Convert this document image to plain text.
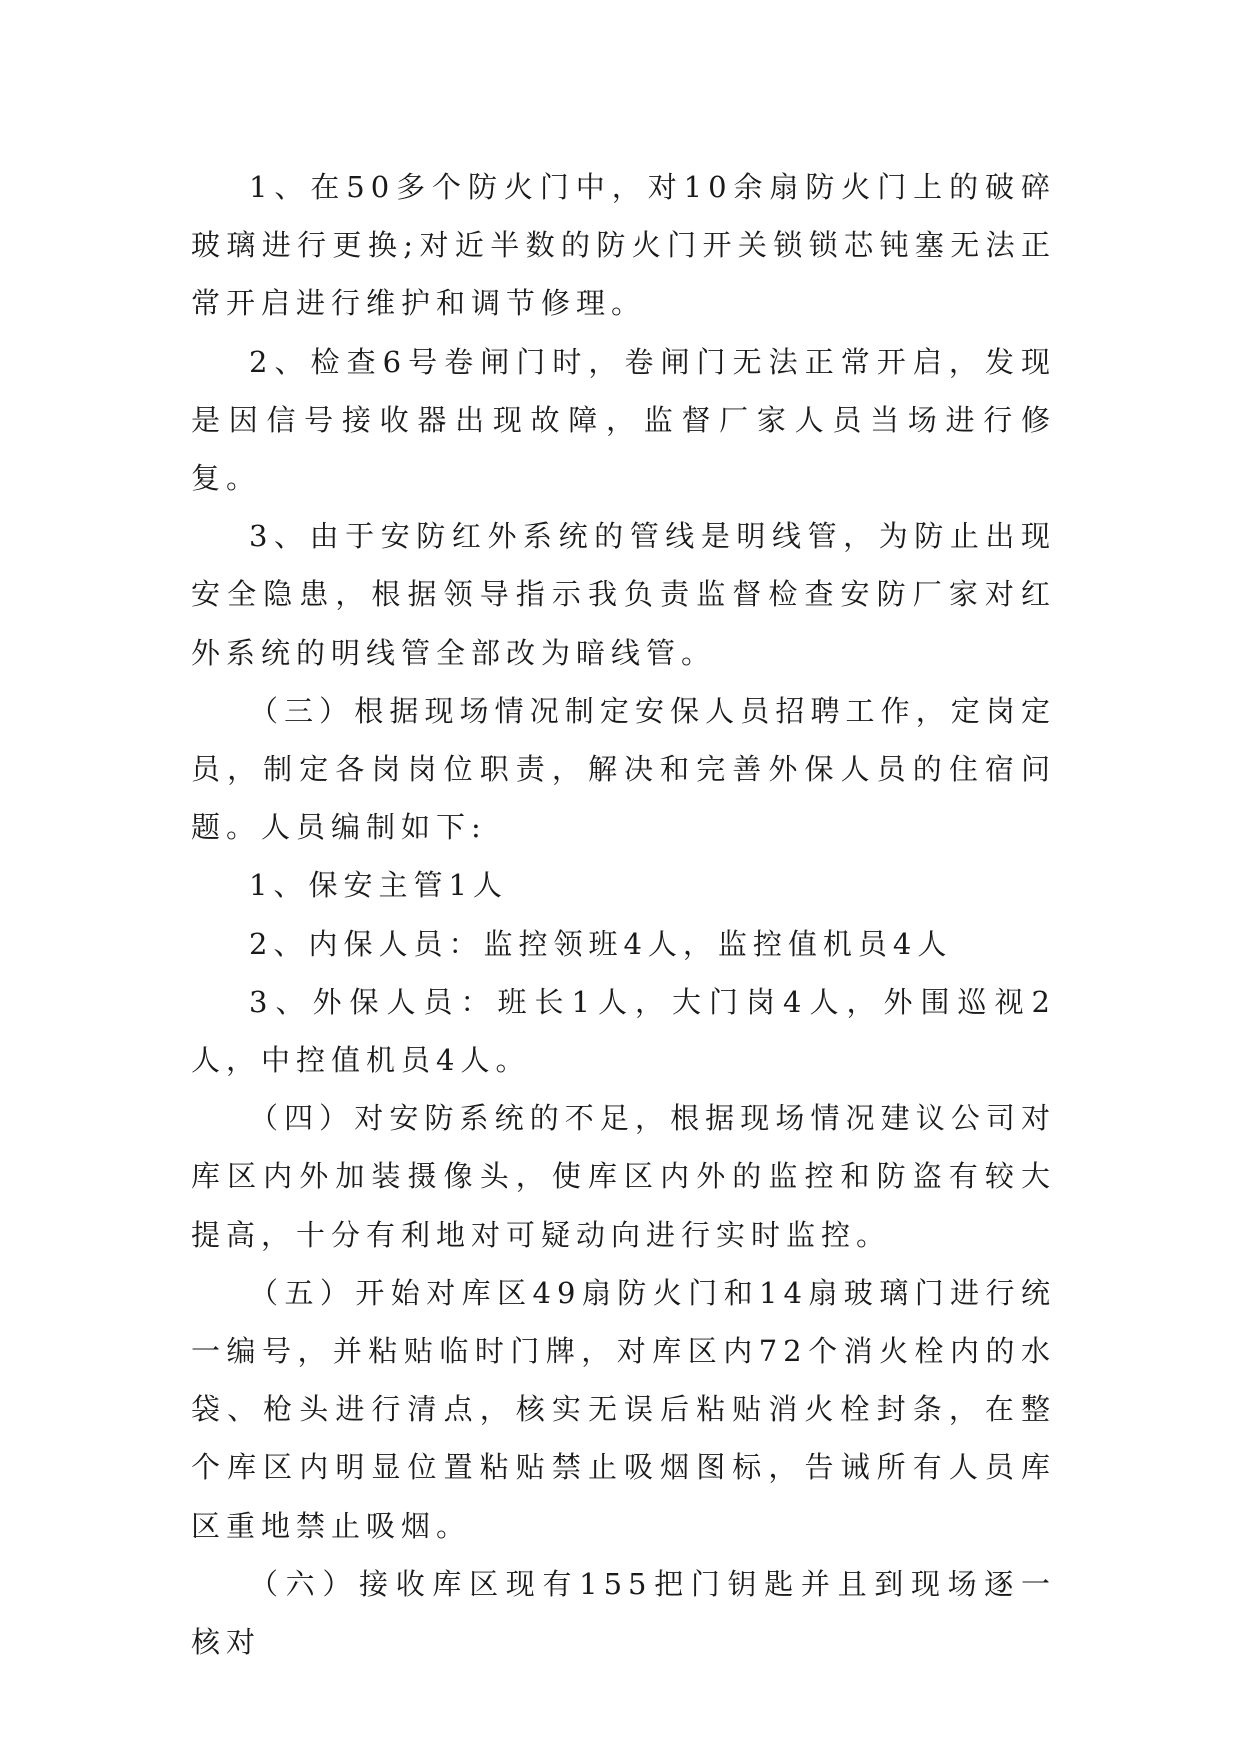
1、在50多个防火门中，对10余扇防火门上的破碎玻璃进行更换;对近半数的防火门开关锁锁芯钝塞无法正常开启进行维护和调节修理。

2、检查6号卷闸门时，卷闸门无法正常开启，发现是因信号接收器出现故障，监督厂家人员当场进行修复。

3、由于安防红外系统的管线是明线管，为防止出现安全隐患，根据领导指示我负责监督检查安防厂家对红外系统的明线管全部改为暗线管。

（三）根据现场情况制定安保人员招聘工作，定岗定员，制定各岗岗位职责，解决和完善外保人员的住宿问题。人员编制如下:

1、保安主管1人

2、内保人员：监控领班4人，监控值机员4人

3、外保人员：班长1人，大门岗4人，外围巡视2人，中控值机员4人。

（四）对安防系统的不足，根据现场情况建议公司对库区内外加装摄像头，使库区内外的监控和防盗有较大提高，十分有利地对可疑动向进行实时监控。

（五）开始对库区49扇防火门和14扇玻璃门进行统一编号，并粘贴临时门牌，对库区内72个消火栓内的水袋、枪头进行清点，核实无误后粘贴消火栓封条，在整个库区内明显位置粘贴禁止吸烟图标，告诫所有人员库区重地禁止吸烟。

（六）接收库区现有155把门钥匙并且到现场逐一核对
